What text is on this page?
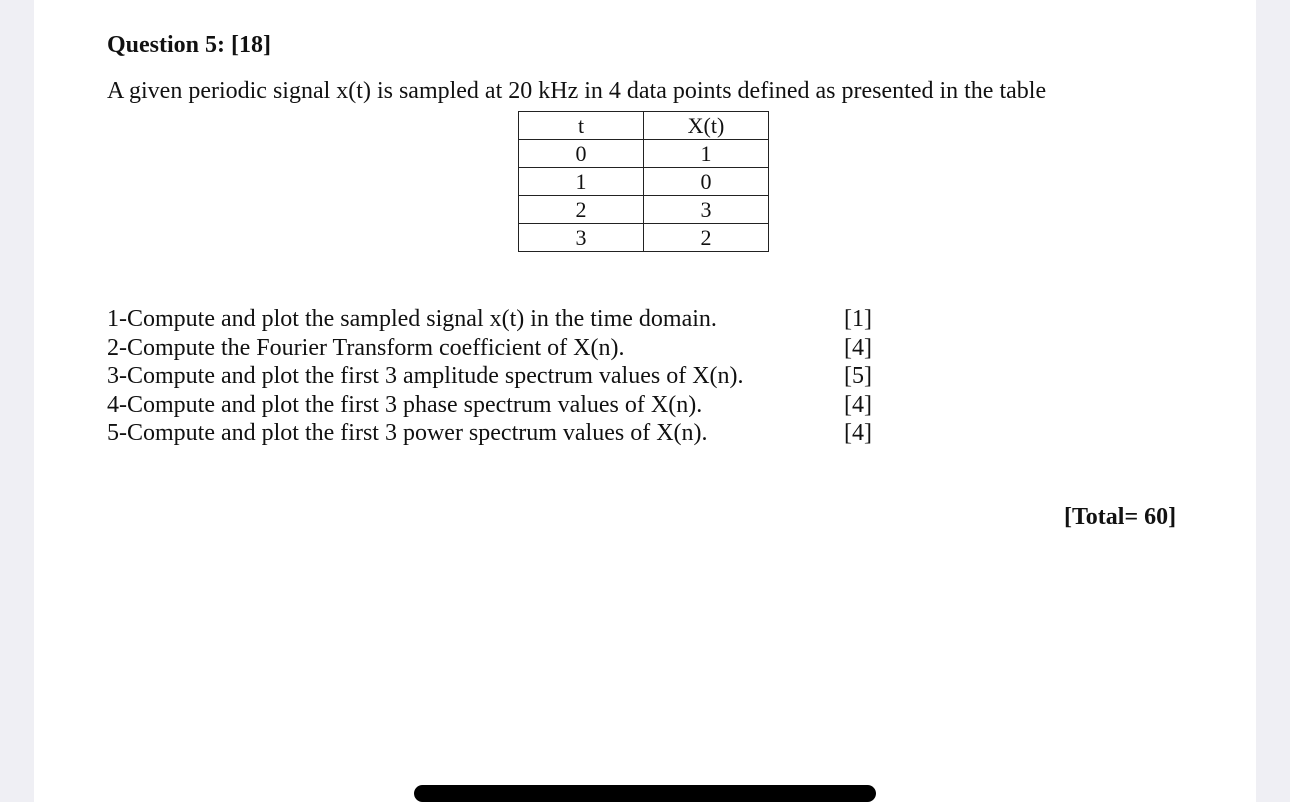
Question 5: [18]
A given periodic signal x(t) is sampled at 20 kHz in 4 data points defined as presented in the table
t	X(t)
0	1
1	0
2	3
3	2
1-Compute and plot the sampled signal x(t) in the time domain.	[1]
2-Compute the Fourier Transform coefficient of X(n).	[4]
3-Compute and plot the first 3 amplitude spectrum values of X(n).	[5]
4-Compute and plot the first 3 phase spectrum values of X(n).	[4]
5-Compute and plot the first 3 power spectrum values of X(n).	[4]
[Total= 60]
